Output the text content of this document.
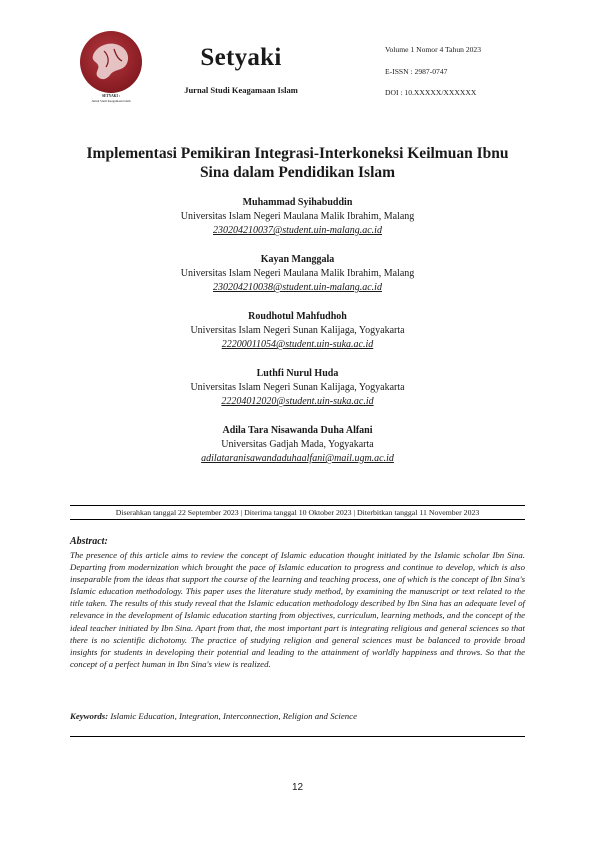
SETYAKI :
Jurnal Studi Keagamaan Islam
Setyaki
Jurnal Studi Keagamaan Islam
Volume 1 Nomor 4 Tahun 2023
E-ISSN : 2987-0747
DOI : 10.XXXXX/XXXXXX
Implementasi Pemikiran Integrasi-Interkoneksi Keilmuan Ibnu Sina dalam Pendidikan Islam
Muhammad Syihabuddin
Universitas Islam Negeri Maulana Malik Ibrahim, Malang
230204210037@student.uin-malang.ac.id
Kayan Manggala
Universitas Islam Negeri Maulana Malik Ibrahim, Malang
230204210038@student.uin-malang.ac.id
Roudhotul Mahfudhoh
Universitas Islam Negeri Sunan Kalijaga, Yogyakarta
22200011054@student.uin-suka.ac.id
Luthfi Nurul Huda
Universitas Islam Negeri Sunan Kalijaga, Yogyakarta
22204012020@student.uin-suka.ac.id
Adila Tara Nisawanda Duha Alfani
Universitas Gadjah Mada, Yogyakarta
adilataranisawandaduhaalfani@mail.ugm.ac.id
Diserahkan tanggal 22 September 2023 | Diterima tanggal 10 Oktober 2023 | Diterbitkan tanggal 11 November 2023
Abstract:

The presence of this article aims to review the concept of Islamic education thought initiated by the Islamic scholar Ibn Sina. Departing from modernization which brought the pace of Islamic education to progress and continue to develop, which is also inseparable from the ideas that support the course of the learning and teaching process, one of which is the concept of Ibn Sina's Islamic education methodology. This paper uses the literature study method, by examining the manuscript or text related to the title taken. The results of this study reveal that the Islamic education methodology described by Ibn Sina has an adequate level of relevance in the development of Islamic education starting from objectives, curriculum, learning methods, and the concept of the ideal teacher initiated by Ibn Sina. Apart from that, the most important part is integrating religious and general sciences so that there is no scientific dichotomy. The practice of studying religion and general sciences must be balanced to provide broad insights for students in developing their potential and leading to the attainment of worldly happiness and throws. So that the concept of a perfect human in Ibn Sina's view is realized.

Keywords: Islamic Education, Integration, Interconnection, Religion and Science
12
